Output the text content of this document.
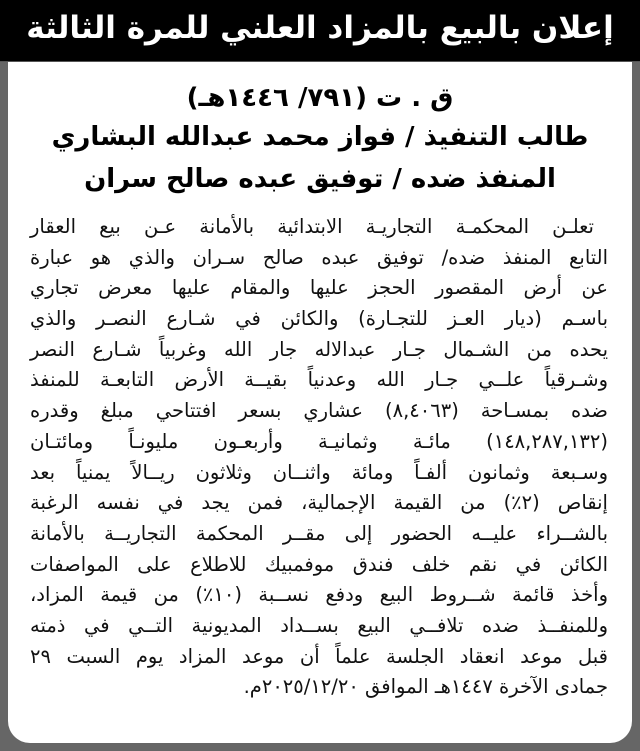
إعلان بالبيع بالمزاد العلني للمرة الثالثة
ق . ت (٧٩١/ ١٤٤٦هـ)
طالب التنفيذ / فواز محمد عبدالله البشاري
المنفذ ضده / توفيق عبده صالح سران
تعلـن المحكمـة التجاريـة الابتدائية بالأمانة عـن بيع العقار
التابع المنفذ ضده/ توفيق عبده صالح سـران والذي هو عبارة
عن أرض المقصور الحجز عليها والمقام عليها معرض تجاري
باسـم (ديار العـز للتجـارة) والكائن في شـارع النصـر والذي
يحده من الشـمال جـار عبدالاله جار الله وغربياً شـارع النصر
وشـرقياً علــي جـار الله وعدنياً بقيــة الأرض التابعـة للمنفذ
ضده بمسـاحة (٨,٤٠٦٣) عشاري بسعر افتتاحي مبلغ وقدره
(١٤٨,٢٨٧,١٣٢) مائـة وثمانيـة وأربعـون مليونـاً ومائتـان
وسـبعة وثمانون ألفـاً ومائة واثنــان وثلاثون ريــالاً يمنياً بعد
إنقاص (٢٪) من القيمة الإجمالية، فمن يجد في نفسه الرغبة
بالشــراء عليــه الحضور إلى مقــر المحكمة التجاريــة بالأمانة
الكائن في نقم خلف فندق موفمبيك للاطلاع على المواصفات
وأخذ قائمة شــروط البيع ودفع نســبة (١٠٪) من قيمة المزاد،
وللمنفــذ ضده تلافــي البيع بســداد المديونية التــي في ذمته
قبل موعد انعقاد الجلسة علماً أن موعد المزاد يوم السبت ٢٩
جمادى الآخرة ١٤٤٧هـ الموافق ٢٠٢٥/١٢/٢٠م.
